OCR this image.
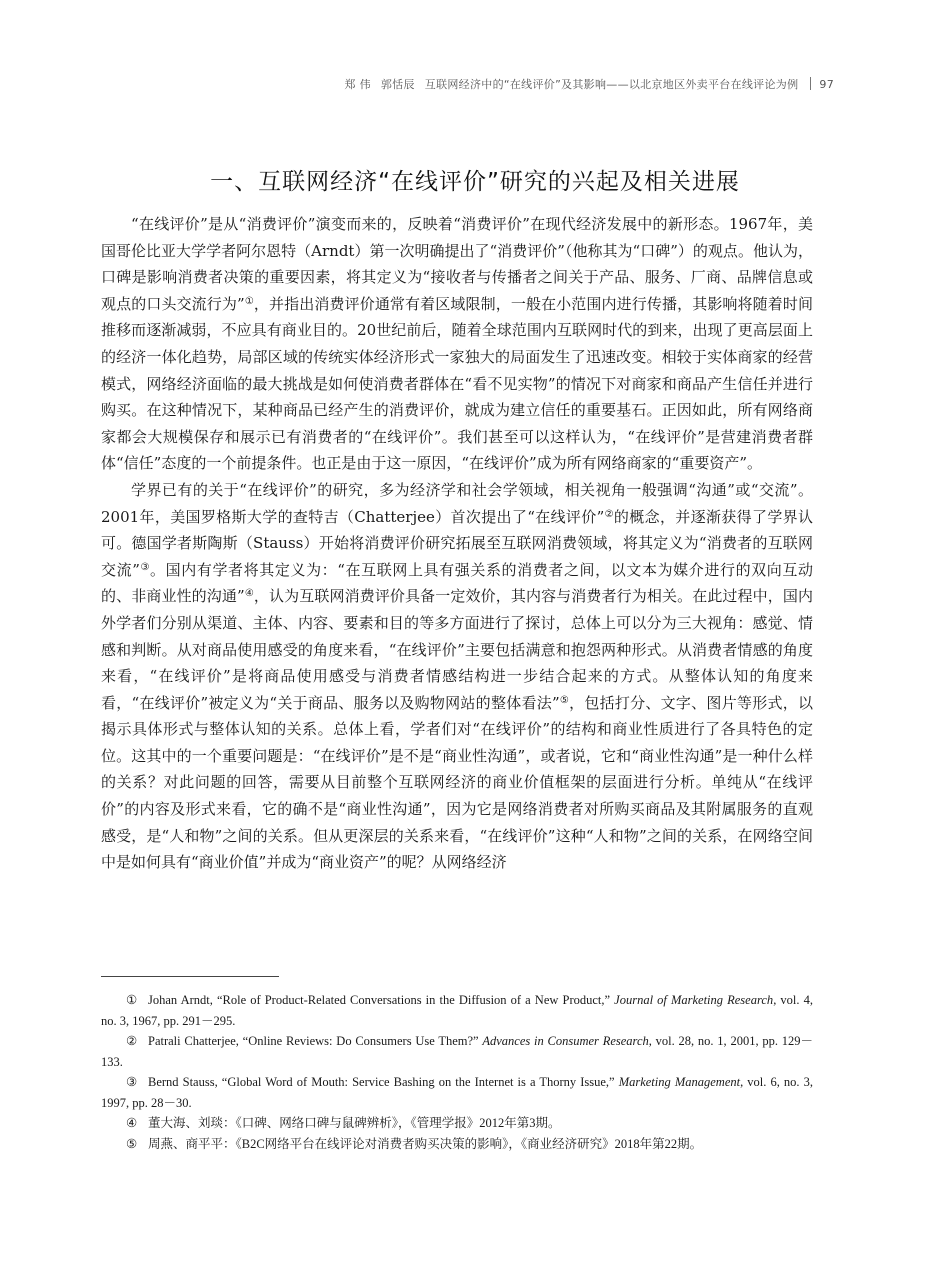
郑 伟 郭恬辰 互联网经济中的“在线评价”及其影响——以北京地区外卖平台在线评论为例 97
一、互联网经济“在线评价”研究的兴起及相关进展

“在线评价”是从“消费评价”演变而来的，反映着“消费评价”在现代经济发展中的新形态。1967年，美国哥伦比亚大学学者阿尔恩特（Arndt）第一次明确提出了“消费评价”（他称其为“口碑”）的观点。他认为，口碑是影响消费者决策的重要因素，将其定义为“接收者与传播者之间关于产品、服务、厂商、品牌信息或观点的口头交流行为”①，并指出消费评价通常有着区域限制，一般在小范围内进行传播，其影响将随着时间推移而逐渐减弱，不应具有商业目的。20世纪前后，随着全球范围内互联网时代的到来，出现了更高层面上的经济一体化趋势，局部区域的传统实体经济形式一家独大的局面发生了迅速改变。相较于实体商家的经营模式，网络经济面临的最大挑战是如何使消费者群体在“看不见实物”的情况下对商家和商品产生信任并进行购买。在这种情况下，某种商品已经产生的消费评价，就成为建立信任的重要基石。正因如此，所有网络商家都会大规模保存和展示已有消费者的“在线评价”。我们甚至可以这样认为，“在线评价”是营建消费者群体“信任”态度的一个前提条件。也正是由于这一原因，“在线评价”成为所有网络商家的“重要资产”。

学界已有的关于“在线评价”的研究，多为经济学和社会学领域，相关视角一般强调“沟通”或“交流”。2001年，美国罗格斯大学的查特吉（Chatterjee）首次提出了“在线评价”②的概念，并逐渐获得了学界认可。德国学者斯陶斯（Stauss）开始将消费评价研究拓展至互联网消费领域，将其定义为“消费者的互联网交流”③。国内有学者将其定义为：“在互联网上具有强关系的消费者之间，以文本为媒介进行的双向互动的、非商业性的沟通”④，认为互联网消费评价具备一定效价，其内容与消费者行为相关。在此过程中，国内外学者们分别从渠道、主体、内容、要素和目的等多方面进行了探讨，总体上可以分为三大视角：感觉、情感和判断。从对商品使用感受的角度来看，“在线评价”主要包括满意和抱怨两种形式。从消费者情感的角度来看，“在线评价”是将商品使用感受与消费者情感结构进一步结合起来的方式。从整体认知的角度来看，“在线评价”被定义为“关于商品、服务以及购物网站的整体看法”⑤，包括打分、文字、图片等形式，以揭示具体形式与整体认知的关系。总体上看，学者们对“在线评价”的结构和商业性质进行了各具特色的定位。这其中的一个重要问题是：“在线评价”是不是“商业性沟通”，或者说，它和“商业性沟通”是一种什么样的关系？对此问题的回答，需要从目前整个互联网经济的商业价值框架的层面进行分析。单纯从“在线评价”的内容及形式来看，它的确不是“商业性沟通”，因为它是网络消费者对所购买商品及其附属服务的直观感受，是“人和物”之间的关系。但从更深层的关系来看，“在线评价”这种“人和物”之间的关系，在网络空间中是如何具有“商业价值”并成为“商业资产”的呢？从网络经济

① Johan Arndt, “Role of Product-Related Conversations in the Diffusion of a New Product,” Journal of Marketing Research, vol. 4, no. 3, 1967, pp. 291－295.

② Patrali Chatterjee, “Online Reviews: Do Consumers Use Them?” Advances in Consumer Research, vol. 28, no. 1, 2001, pp. 129－133.

③ Bernd Stauss, “Global Word of Mouth: Service Bashing on the Internet is a Thorny Issue,” Marketing Management, vol. 6, no. 3, 1997, pp. 28－30.

④ 董大海、刘琰：《口碑、网络口碑与鼠碑辨析》，《管理学报》2012年第3期。

⑤ 周燕、商平平：《B2C网络平台在线评论对消费者购买决策的影响》，《商业经济研究》2018年第22期。
